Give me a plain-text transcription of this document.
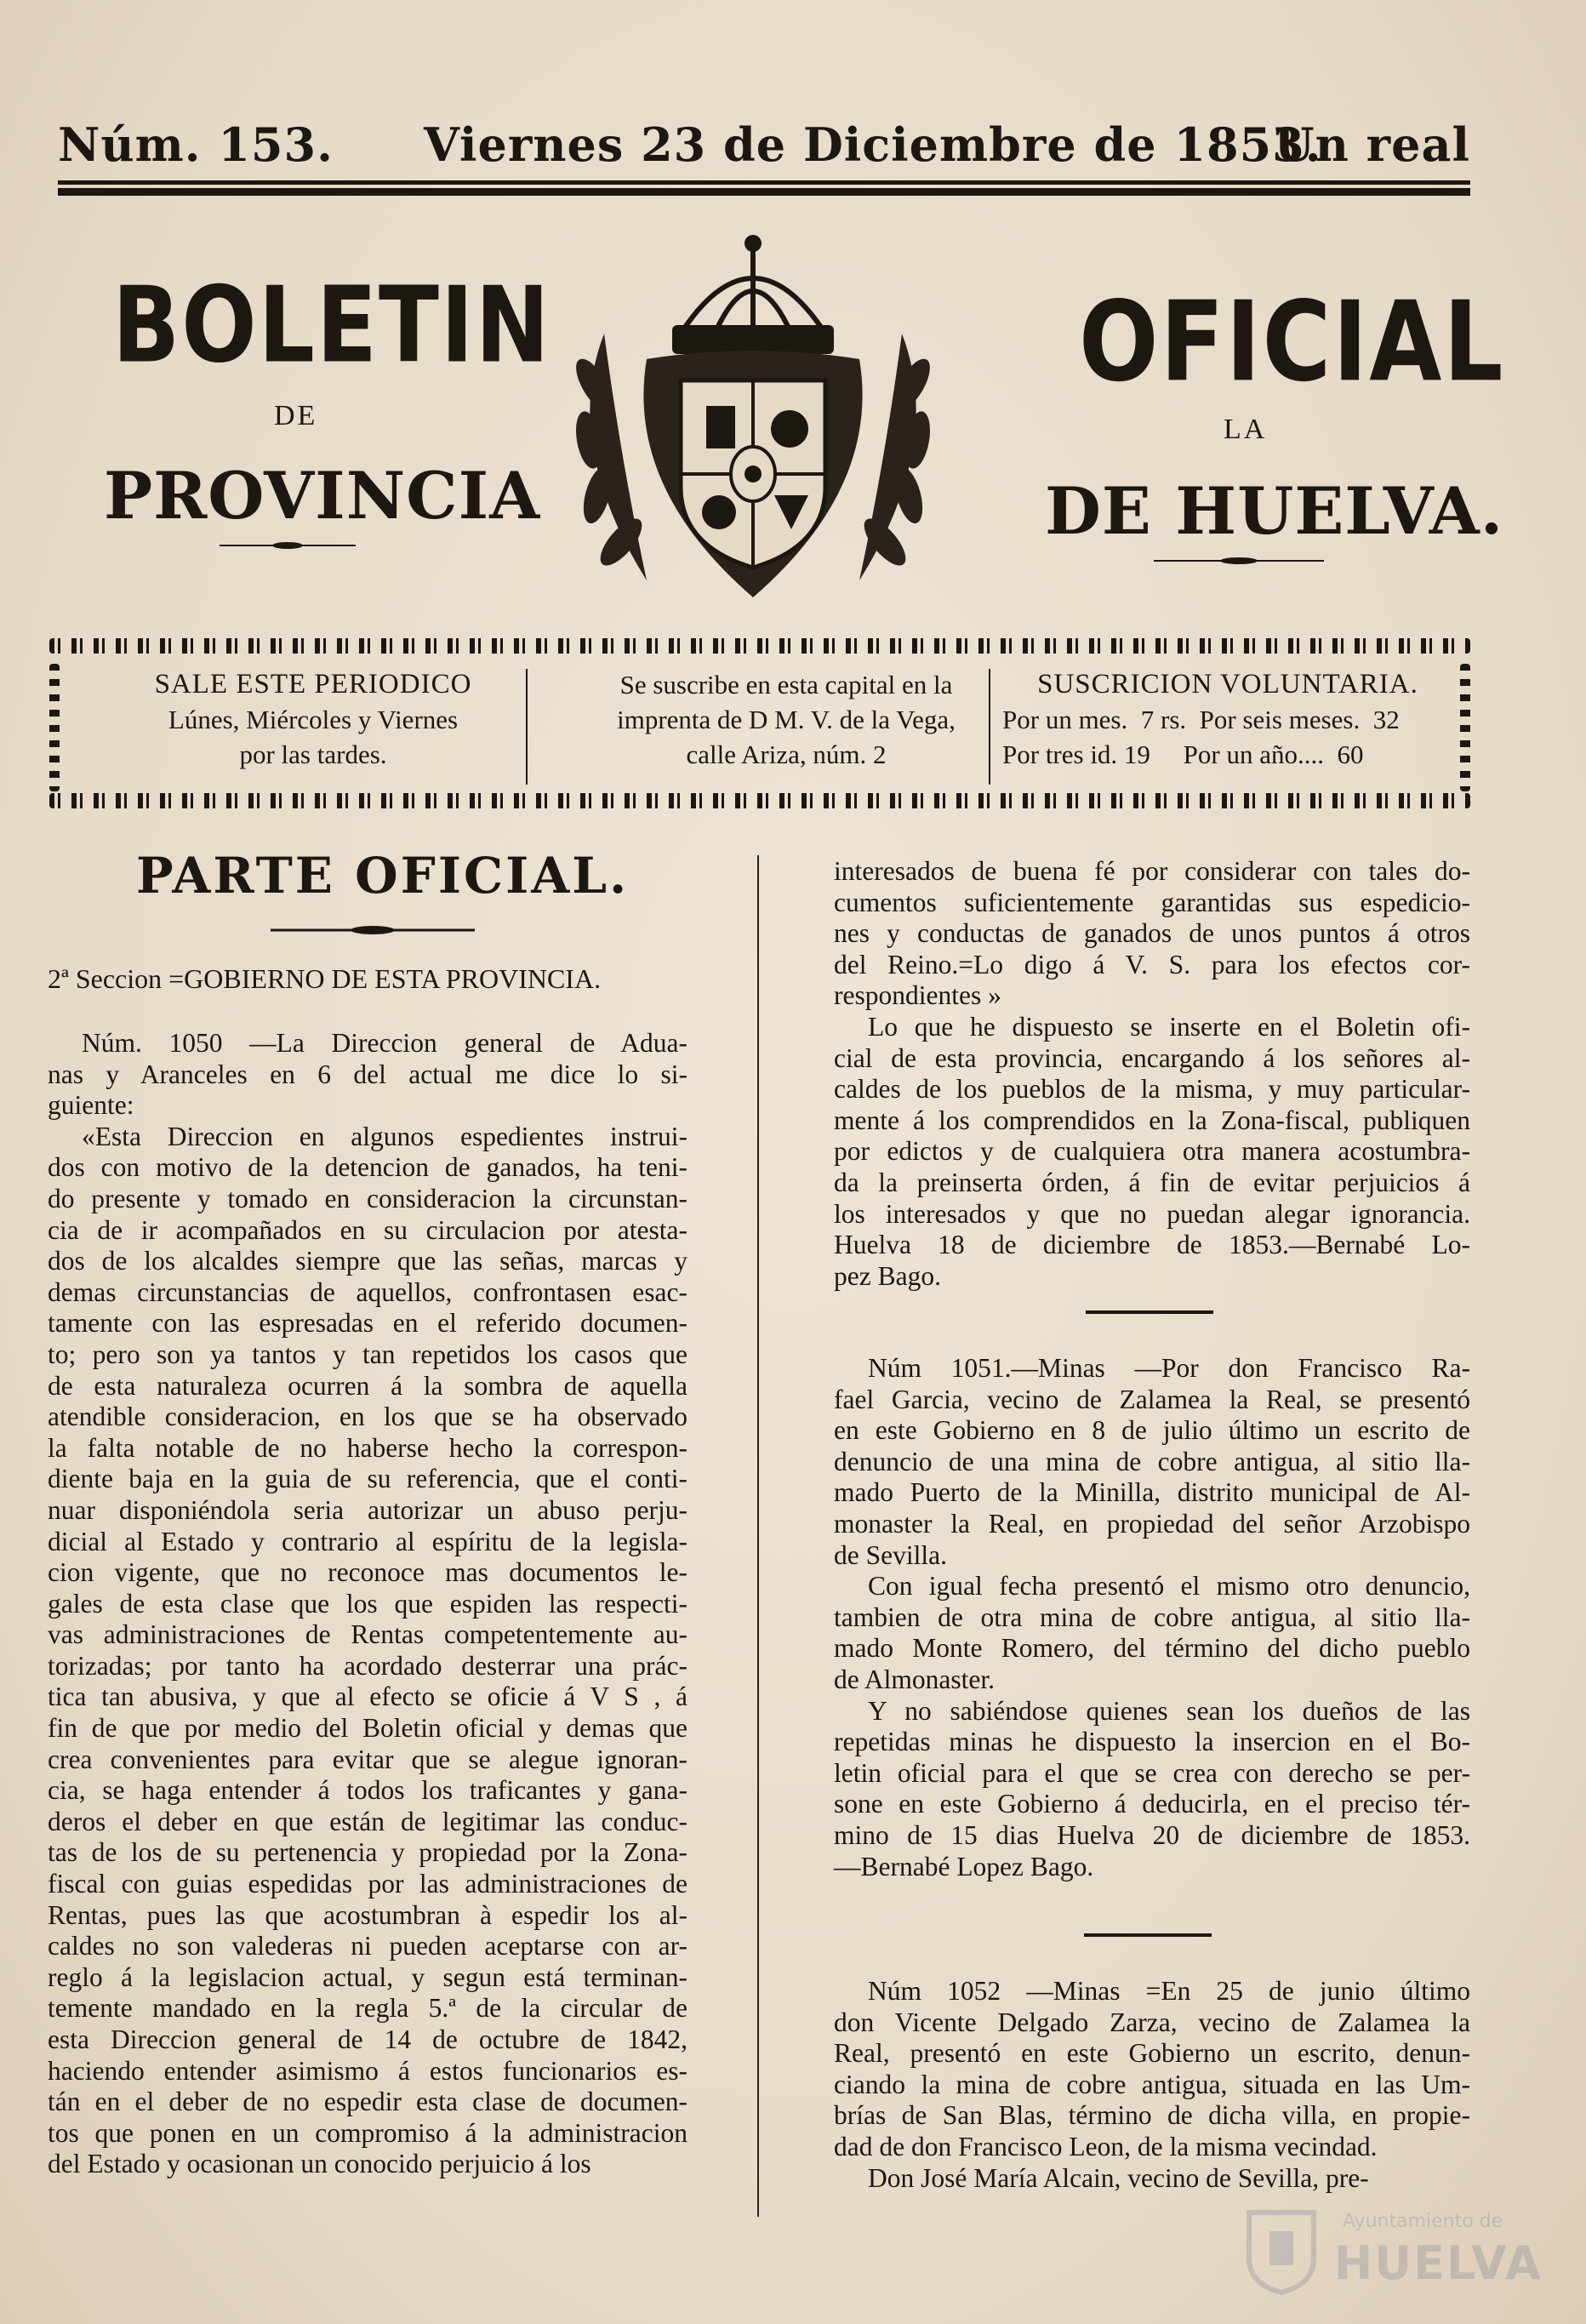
Núm. 153. Viernes 23 de Diciembre de 1853.
Un real
BOLETIN
DE
PROVINCIA
OFICIAL
LA
DE HUELVA.
SALE ESTE PERIODICO
Lúnes, Miércoles y Viernes
por las tardes.
Se suscribe en esta capital en la
imprenta de D M. V. de la Vega,
calle Ariza, núm. 2
SUSCRICION VOLUNTARIA.
Por un mes.  7 rs.  Por seis meses.  32
Por tres id. 19     Por un año....  60
PARTE OFICIAL.
2ª Seccion =GOBIERNO DE ESTA PROVINCIA.
Núm. 1050 —La Direccion general de Adua-
nas y Aranceles en 6 del actual me dice lo si-
guiente:
«Esta Direccion en algunos espedientes instrui-
dos con motivo de la detencion de ganados, ha teni-
do presente y tomado en consideracion la circunstan-
cia de ir acompañados en su circulacion por atesta-
dos de los alcaldes siempre que las señas, marcas y
demas circunstancias de aquellos, confrontasen esac-
tamente con las espresadas en el referido documen-
to; pero son ya tantos y tan repetidos los casos que
de esta naturaleza ocurren á la sombra de aquella
atendible consideracion, en los que se ha observado
la falta notable de no haberse hecho la correspon-
diente baja en la guia de su referencia, que el conti-
nuar disponiéndola seria autorizar un abuso perju-
dicial al Estado y contrario al espíritu de la legisla-
cion vigente, que no reconoce mas documentos le-
gales de esta clase que los que espiden las respecti-
vas administraciones de Rentas competentemente au-
torizadas; por tanto ha acordado desterrar una prác-
tica tan abusiva, y que al efecto se oficie á V S , á
fin de que por medio del Boletin oficial y demas que
crea convenientes para evitar que se alegue ignoran-
cia, se haga entender á todos los traficantes y gana-
deros el deber en que están de legitimar las conduc-
tas de los de su pertenencia y propiedad por la Zona-
fiscal con guias espedidas por las administraciones de
Rentas, pues las que acostumbran à espedir los al-
caldes no son valederas ni pueden aceptarse con ar-
reglo á la legislacion actual, y segun está terminan-
temente mandado en la regla 5.ª de la circular de
esta Direccion general de 14 de octubre de 1842,
haciendo entender asimismo á estos funcionarios es-
tán en el deber de no espedir esta clase de documen-
tos que ponen en un compromiso á la administracion
del Estado y ocasionan un conocido perjuicio á los
interesados de buena fé por considerar con tales do-
cumentos suficientemente garantidas sus espedicio-
nes y conductas de ganados de unos puntos á otros
del Reino.=Lo digo á V. S. para los efectos cor-
respondientes »
Lo que he dispuesto se inserte en el Boletin ofi-
cial de esta provincia, encargando á los señores al-
caldes de los pueblos de la misma, y muy particular-
mente á los comprendidos en la Zona-fiscal, publiquen
por edictos y de cualquiera otra manera acostumbra-
da la preinserta órden, á fin de evitar perjuicios á
los interesados y que no puedan alegar ignorancia.
Huelva 18 de diciembre de 1853.—Bernabé Lo-
pez Bago.
Núm 1051.—Minas —Por don Francisco Ra-
fael Garcia, vecino de Zalamea la Real, se presentó
en este Gobierno en 8 de julio último un escrito de
denuncio de una mina de cobre antigua, al sitio lla-
mado Puerto de la Minilla, distrito municipal de Al-
monaster la Real, en propiedad del señor Arzobispo
de Sevilla.
Con igual fecha presentó el mismo otro denuncio,
tambien de otra mina de cobre antigua, al sitio lla-
mado Monte Romero, del término del dicho pueblo
de Almonaster.
Y no sabiéndose quienes sean los dueños de las
repetidas minas he dispuesto la insercion en el Bo-
letin oficial para el que se crea con derecho se per-
sone en este Gobierno á deducirla, en el preciso tér-
mino de 15 dias Huelva 20 de diciembre de 1853.
—Bernabé Lopez Bago.
Núm 1052 —Minas =En 25 de junio último
don Vicente Delgado Zarza, vecino de Zalamea la
Real, presentó en este Gobierno un escrito, denun-
ciando la mina de cobre antigua, situada en las Um-
brías de San Blas, término de dicha villa, en propie-
dad de don Francisco Leon, de la misma vecindad.
Don José María Alcain, vecino de Sevilla, pre-
Ayuntamiento de
HUELVA
